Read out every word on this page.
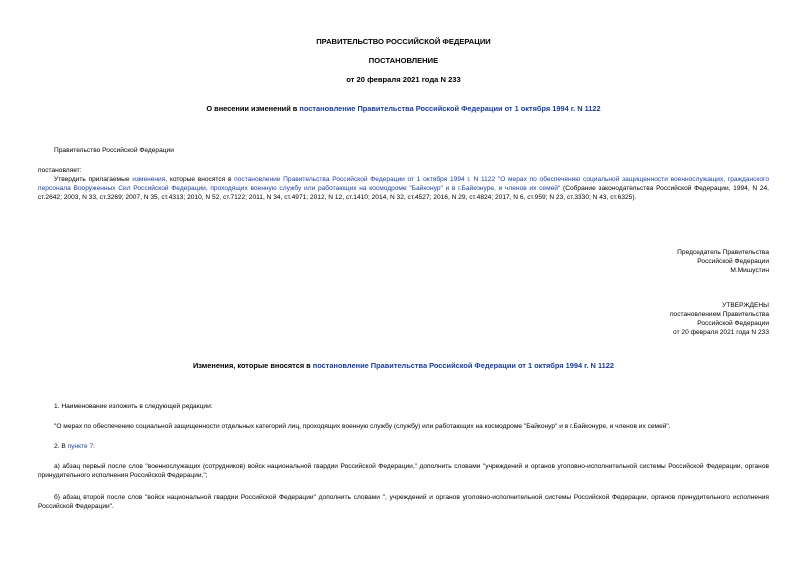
ПРАВИТЕЛЬСТВО РОССИЙСКОЙ ФЕДЕРАЦИИ
ПОСТАНОВЛЕНИЕ
от 20 февраля 2021 года N 233
О внесении изменений в постановление Правительства Российской Федерации от 1 октября 1994 г. N 1122
Правительство Российской Федерации
постановляет:
Утвердить прилагаемые изменения, которые вносятся в постановление Правительства Российской Федерации от 1 октября 1994 г. N 1122 "О мерах по обеспечению социальной защищенности военнослужащих, гражданского персонала Вооруженных Сил Российской Федерации, проходящих военную службу или работающих на космодроме "Байконур" и в г.Байконуре, и членов их семей" (Собрание законодательства Российской Федерации, 1994, N 24, ст.2642; 2003, N 33, ст.3269; 2007, N 35, ст.4313; 2010, N 52, ст.7122; 2011, N 34, ст.4971; 2012, N 12, ст.1410; 2014, N 32, ст.4527; 2016, N 29, ст.4824; 2017, N 6, ст.959; N 23, ст.3330; N 43, ст.6325).
Председатель Правительства
Российской Федерации
М.Мишустин
УТВЕРЖДЕНЫ
постановлением Правительства
Российской Федерации
от 20 февраля 2021 года N 233
Изменения, которые вносятся в постановление Правительства Российской Федерации от 1 октября 1994 г. N 1122
1. Наименование изложить в следующей редакции:
"О мерах по обеспечению социальной защищенности отдельных категорий лиц, проходящих военную службу (службу) или работающих на космодроме "Байконур" и в г.Байконуре, и членов их семей".
2. В пункте 7:
а) абзац первый после слов "военнослужащих (сотрудников) войск национальной гвардии Российской Федерации," дополнить словами "учреждений и органов уголовно-исполнительной системы Российской Федерации, органов принудительного исполнения Российской Федерации,";
б) абзац второй после слов "войск национальной гвардии Российской Федерации" дополнить словами ", учреждений и органов уголовно-исполнительной системы Российской Федерации, органов принудительного исполнения Российской Федерации".
